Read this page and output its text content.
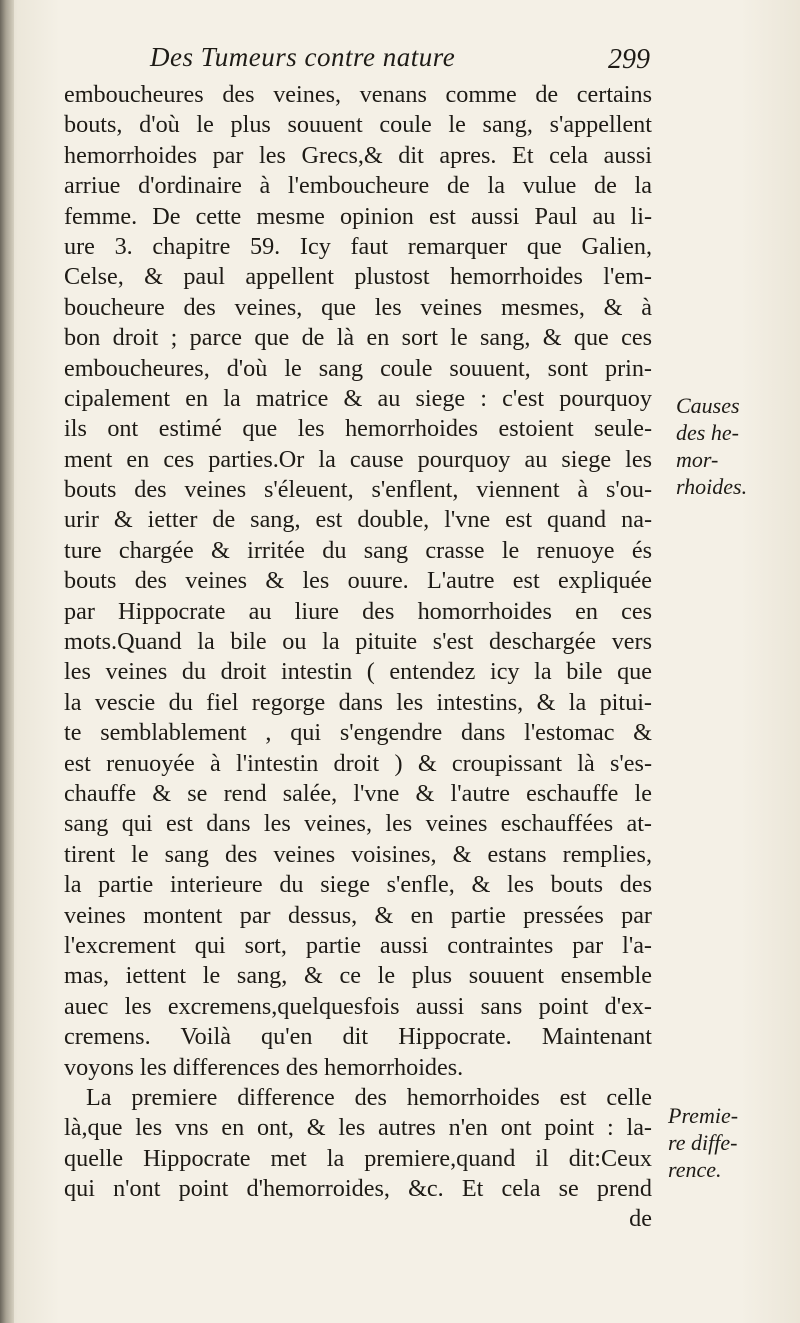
Des Tumeurs contre nature	299
emboucheures des veines, venans comme de certains
bouts, d'où le plus souuent coule le sang, s'appellent
hemorrhoides par les Grecs,& dit apres. Et cela aussi
arriue d'ordinaire à l'emboucheure de la vulue de la
femme. De cette mesme opinion est aussi Paul au li-
ure 3. chapitre 59. Icy faut remarquer que Galien,
Celse, & paul appellent plustost hemorrhoides l'em-
boucheure des veines, que les veines mesmes, & à
bon droit ; parce que de là en sort le sang, & que ces
emboucheures, d'où le sang coule souuent, sont prin-
cipalement en la matrice & au siege : c'est pourquoy
ils ont estimé que les hemorrhoides estoient seule-
ment en ces parties.Or la cause pourquoy au siege les
bouts des veines s'éleuent, s'enflent, viennent à s'ou-
urir & ietter de sang, est double, l'vne est quand na-
ture chargée & irritée du sang crasse le renuoye és
bouts des veines & les ouure. L'autre est expliquée
par Hippocrate au liure des homorrhoides en ces
mots.Quand la bile ou la pituite s'est deschargée vers
les veines du droit intestin ( entendez icy la bile que
la vescie du fiel regorge dans les intestins, & la pitui-
te semblablement , qui s'engendre dans l'estomac &
est renuoyée à l'intestin droit ) & croupissant là s'es-
chauffe & se rend salée, l'vne & l'autre eschauffe le
sang qui est dans les veines, les veines eschauffées at-
tirent le sang des veines voisines, & estans remplies,
la partie interieure du siege s'enfle, & les bouts des
veines montent par dessus, & en partie pressées par
l'excrement qui sort, partie aussi contraintes par l'a-
mas, iettent le sang, & ce le plus souuent ensemble
auec les excremens,quelquesfois aussi sans point d'ex-
cremens. Voilà qu'en dit Hippocrate. Maintenant
voyons les differences des hemorrhoides.
La premiere difference des hemorrhoides est celle
là,que les vns en ont, & les autres n'en ont point : la-
quelle Hippocrate met la premiere,quand il dit:Ceux
qui n'ont point d'hemorroides, &c. Et cela se prend
de
Causes
des he-
mor-
rhoides.
Premie-
re diffe-
rence.
